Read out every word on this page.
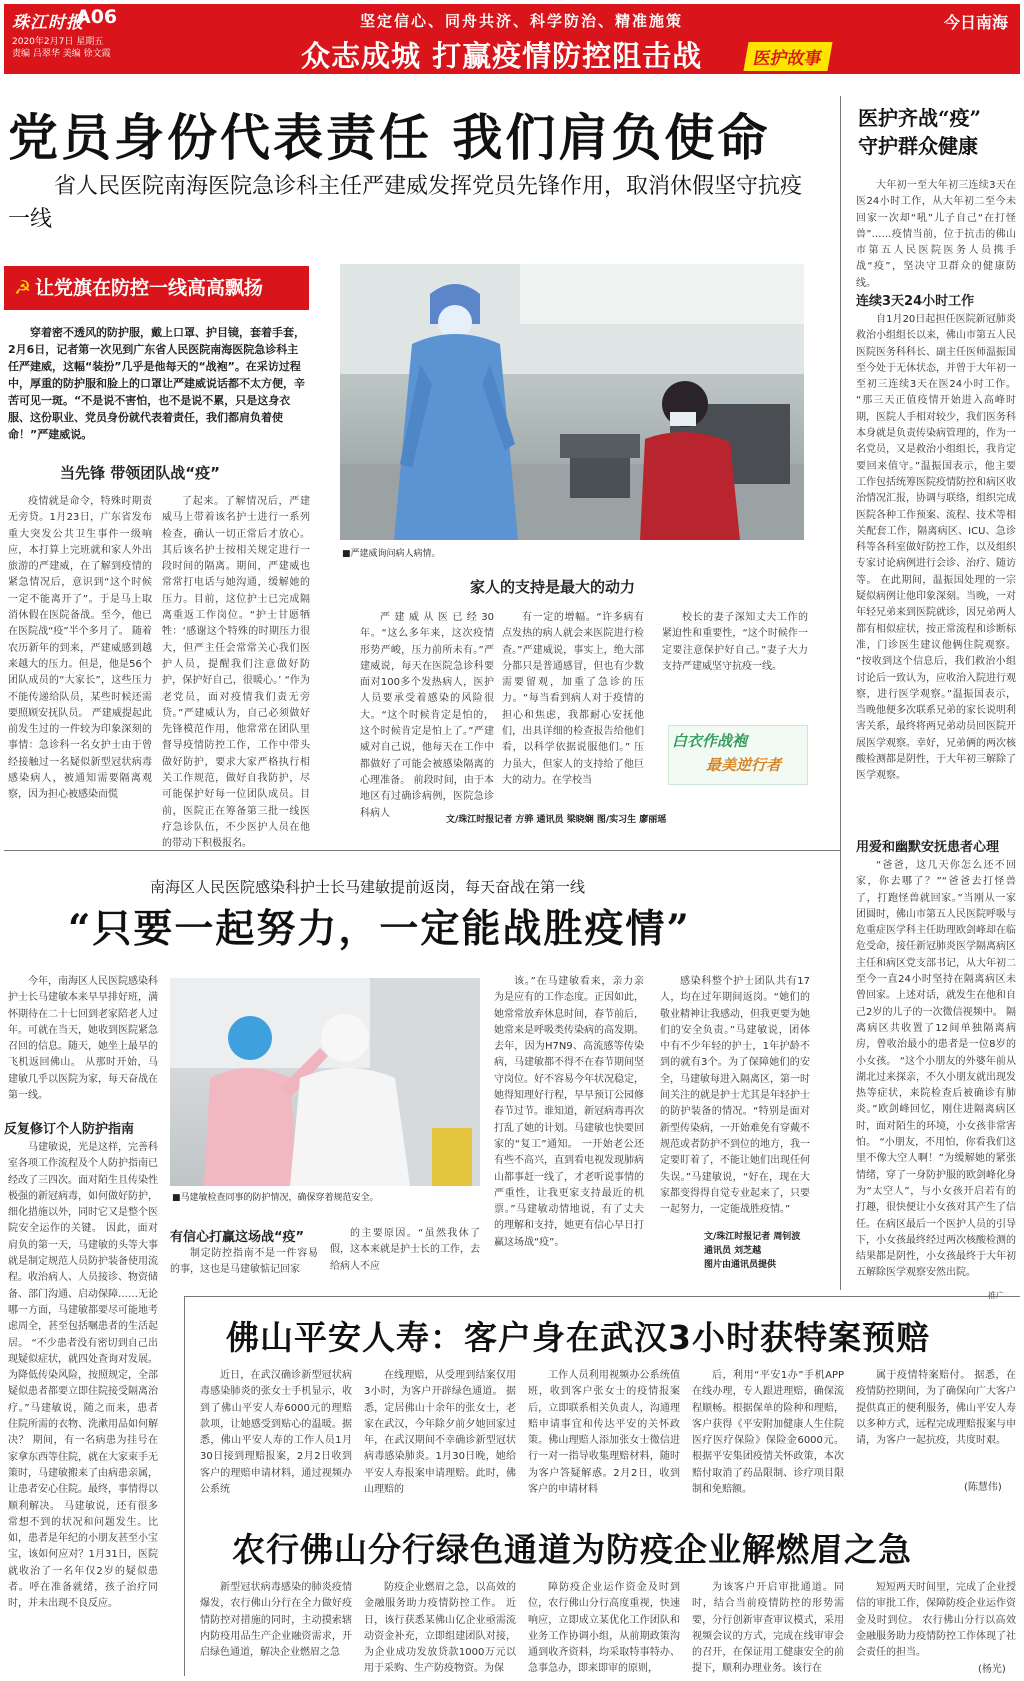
珠江时报
A06
2020年2月7日 星期五
责编 吕翠华 美编 徐文霞
坚定信心、同舟共济、科学防治、精准施策
众志成城 打赢疫情防控阻击战	医护故事
今日南海
党员身份代表责任 我们肩负使命
省人民医院南海医院急诊科主任严建威发挥党员先锋作用，取消休假坚守抗疫一线
☭ 让党旗在防控一线高高飘扬
穿着密不透风的防护服，戴上口罩、护目镜，套着手套，2月6日，记者第一次见到广东省人民医院南海医院急诊科主任严建威，这幅“装扮”几乎是他每天的“战袍”。在采访过程中，厚重的防护服和脸上的口罩让严建威说话都不太方便，辛苦可见一斑。“不是说不害怕，也不是说不累，只是这身衣服、这份职业、党员身份就代表着责任，我们都肩负着使命！”严建威说。
当先锋 带领团队战“疫”
疫情就是命令，特殊时期责无旁贷。1月23日，广东省发布重大突发公共卫生事件一级响应，本打算上完班就和家人外出旅游的严建威，在了解到疫情的紧急情况后，意识到“这个时候一定不能离开了”。于是马上取消休假在医院备战。至今，他已在医院战“疫”半个多月了。 随着农历新年的到来，严建威感到越来越大的压力。但是，他是56个团队成员的“大家长”，这些压力不能传递给队员，某些时候还需要照顾安抚队员。 严建威提起此前发生过的一件较为印象深刻的事情：急诊科一名女护士由于曾经接触过一名疑似新型冠状病毒感染病人，被通知需要隔离观察，因为担心被感染而慌
了起来。了解情况后，严建威马上带着该名护士进行一系列检查，确认一切正常后才放心。 其后该名护士按相关规定进行一段时间的隔离。期间，严建威也常常打电话与她沟通，缓解她的压力。目前，这位护士已完成隔离重返工作岗位。“护士甘愿牺牲：‘感谢这个特殊的时期压力很大，但严主任会常常关心我们医护人员，提醒我们注意做好防护，保护好自己，很暖心。’ “作为老党员，面对疫情我们责无旁贷。”严建威认为，自己必须做好先锋模范作用，他常常在团队里督导疫情防控工作，工作中带头做好防护，要求大家严格执行相关工作规范，做好自我防护，尽可能保护好每一位团队成员。目前，医院正在筹备第三批一线医疗急诊队伍，不少医护人员在他的带动下积极报名。
■严建威询问病人病情。
家人的支持是最大的动力
严建威从医已经30年。“这么多年来，这次疫情形势严峻，压力前所未有。”严建威说，每天在医院急诊科要面对100多个发热病人，医护人员要承受着感染的风险很大。“这个时候肯定是怕的，这个时候肯定是怕上了。”严建威对自己说，他每天在工作中都做好了可能会被感染隔离的心理准备。 前段时间，由于本地区有过确诊病例，医院急诊科病人
有一定的增幅。“许多病有点发热的病人就会来医院进行检查。”严建威说，事实上，绝大部分都只是普通感冒，但也有少数需要留观，加重了急诊的压力。“每当看到病人对于疫情的担心和焦虑，我都耐心安抚他们，出具详细的检查报告给他们看，以科学依据说服他们。” 压力虽大，但家人的支持给了他巨大的动力。在学校当
校长的妻子深知丈夫工作的紧迫性和重要性，“这个时候作一定要注意保护好自己。”妻子大力支持严建威坚守抗疫一线。
白衣作战袍
最美逆行者
文/珠江时报记者 方骅 通讯员 梁晓娴 图/实习生 廖丽瑶
医护齐战“疫”
守护群众健康
大年初一至大年初三连续3天在医24小时工作，从大年初二至今未回家一次却“吼”儿子自己“在打怪兽”……疫情当前，位于抗击的佛山市第五人民医院医务人员携手战“疫”，坚决守卫群众的健康防线。
连续3天24小时工作
自1月20日起担任医院新冠肺炎救治小组组长以来，佛山市第五人民医院医务科科长、副主任医师温振国至今处于无休状态，并曾于大年初一至初三连续3天在医24小时工作。 “那三天正值疫情开始进入高峰时期，医院人手相对较少，我们医务科本身就是负责传染病管理的，作为一名党员，又是救治小组组长，我肯定要回来值守。”温振国表示，他主要工作包括统筹医院疫情防控和病区收治情况汇报，协调与联络，组织完成医院各种工作预案、流程、技术等相关配套工作，隔离病区、ICU、急诊科等各科室做好防控工作，以及组织专家讨论病例进行会诊、治疗、随访等。 在此期间，温振国处理的一宗疑似病例让他印象深刻。当晚，一对年轻兄弟来到医院就诊，因兄弟两人都有相似症状，按正常流程和诊断标准，门诊医生建议他俩住院观察。 “按收到这个信息后，我们救治小组讨论后一致认为，应收治入院进行观察，进行医学观察。”温振国表示，当晚他便多次联系兄弟的家长说明利害关系，最终将两兄弟动员回医院开展医学观察。幸好，兄弟俩的两次核酸检测都是阴性，于大年初三解除了医学观察。
用爱和幽默安抚患者心理
“爸爸，这几天你怎么还不回家，你去哪了？”“爸爸去打怪兽了，打跑怪兽就回家。”当刚从一家团圆时，佛山市第五人民医院呼吸与危重症医学科主任助理欧剑峰却在临危受命，接任新冠肺炎医学隔离病区主任和病区党支部书记，从大年初二至今一直24小时坚持在隔离病区未曾回家。上述对话，就发生在他和自己2岁的儿子的一次微信视频中。 隔离病区共收置了12间单独隔离病房，曾收治最小的患者是一位8岁的小女孩。 “这个小朋友的外婆年前从湖北过来探亲，不久小朋友就出现发热等症状，来院检查后被确诊有肺炎。”欧剑峰回忆，刚住进隔离病区时，面对陌生的环境，小女孩非常害怕。 “小朋友，不用怕，你看我们这里不像大空人啊！”为缓解她的紧张情绪，穿了一身防护服的欧剑峰化身为“太空人”，与小女孩开启若有的打趣，很快便让小女孩对其产生了信任。在病区最后一个医护人员的引导下，小女孩最终经过两次核酸检测的结果都是阴性，小女孩最终于大年初五解除医学观察安然出院。
南海区人民医院感染科护士长马建敏提前返岗，每天奋战在第一线
“只要一起努力，一定能战胜疫情”
今年，南海区人民医院感染科护士长马建敏本来早早排好班，满怀期待在二十七回到老家陪老人过年。可就在当天，她收到医院紧急召回的信息。随天，她坐上最早的飞机返回佛山。 从那时开始，马建敏几乎以医院为家，每天奋战在第一线。
反复修订个人防护指南
马建敏说，光是这样，完善科室各项工作流程及个人防护指南已经改了三四次。面对陌生且传染性极强的新冠病毒，如何做好防护，细化措施以外，同时它又是整个医院安全运作的关键。 因此，面对肩负的第一天，马建敏的头等大事就是制定规范人员防护装备使用流程。收治病人、人员接诊、物资储备、部门沟通、启动保障……无论哪一方面，马建敏都要尽可能地考虑周全，甚至包括嘱患者的生活起居。 “不少患者没有密切到自己出现疑似症状，就四处查询对发展。为降低传染风险，按照规定，全部疑似患者都要立即住院接受隔离治疗。”马建敏说，随之而来，患者住院所需的衣物、洗漱用品如何解决？ 期间，有一名病患为挂号在家拿东西等住院，就在大家束手无策时，马建敏搬来了由病患亲属，让患者安心住院。最终，事情得以顺利解决。 马建敏说，还有很多常想不到的状况和问题发生。比如，患者是年纪的小朋友甚至小宝宝，该如何应对？1月31日，医院就收治了一名年仅2岁的疑似患者。呼在准备就绪，孩子治疗同时，并未出现不良反应。
■马建敏检查同事的防护情况，确保穿着规范安全。
有信心打赢这场战“疫”
制定防控指南不是一件容易的事，这也是马建敏惦记回家
的主要原因。“虽然我休了假，这本来就是护士长的工作，去给病人不应
该。”在马建敏看来，亲力亲为是应有的工作态度。正因如此，她常常放弃休息时间，春节前后，她常来是呼吸类传染病的高发期。去年，因为H7N9、高流感等传染病，马建敏都不得不在春节期间坚守岗位。好不容易今年状况稳定，她得知理好行程，早早预订公园修春节过节。谁知道，新冠病毒再次打乱了她的计划。马建敏也快要回家的“复工”通知。 一开始老公还有些不高兴，直到看电视发现肺病山都事赶一线了，才老听说事情的严重性，让我更家支持最近的机票。”马建敏动情地说，有了丈夫的理解和支持，她更有信心早日打赢这场战“疫”。
感染科整个护士团队共有17人，均在过年期间返岗。“她们的敬业精神让我感动，但我更要为她们的安全负责。”马建敏说，团体中有不少年轻的护士，1年护龄不到的就有3个。为了保障她们的安全，马建敏每进入隔离区，第一时间关注的就是护士尤其是年轻护士的防护装备的情况。“特别是面对新型传染病，一开始难免有穿戴不规范或者防护不到位的地方，我一定要盯着了，不能让她们出现任何失误。”马建敏说，“好在，现在大家都变得得自觉专业起来了，只要一起努力，一定能战胜疫情。”
文/珠江时报记者 周钊波
通讯员 刘芝越
图片由通讯员提供
推广
佛山平安人寿：客户身在武汉3小时获特案预赔
近日，在武汉确诊新型冠状病毒感染肺炎的张女士手机显示，收到了佛山平安人寿6000元的理赔款项，让她感受到贴心的温暖。据悉，佛山平安人寿的工作人员1月30日接到理赔报案，2月2日收到客户的理赔申请材料，通过视频办公系统
在线理赔，从受理到结案仅用3小时，为客户开辟绿色通道。 据悉，定居佛山十余年的张女士，老家在武汉，今年除夕前夕她回家过年，在武汉期间不幸确诊新型冠状病毒感染肺炎。1月30日晚，她给平安人寿报案申请理赔。此时，佛山理赔的
工作人员利用视频办公系统值班，收到客户张女士的疫情报案后，立即联系相关负责人，沟通理赔申请事宜和传达平安的关怀政策。佛山理赔人添加张女士微信进行一对一指导收集理赔材料，随时为客户答疑解惑。2月2日，收到客户的申请材料
后，利用“平安1办”手机APP在线办理，专人跟进理赔，确保流程顺畅。根据保单的险种和理赔，客户获得《平安附加健康人生住院医疗医疗保险》保险金6000元。根据平安集团疫情关怀政策，本次赔付取消了药品限制、诊疗项目限制和免赔额。
属于疫情特案赔付。 据悉，在疫情防控期间，为了确保向广大客户提供真正的便利服务，佛山平安人寿以多种方式，远程完成理赔报案与申请，为客户一起抗疫，共度时艰。
(陈慧伟)
农行佛山分行绿色通道为防疫企业解燃眉之急
新型冠状病毒感染的肺炎疫情爆发，农行佛山分行在全力做好疫情防控对措施的同时，主动摸索辖内防疫用品生产企业融资需求，开启绿色通道，解决企业燃眉之急
防疫企业燃眉之急，以高效的金融服务助力疫情防控工作。 近日，该行获悉某佛山亿企业亟需流动资金补充，立即组建团队对接，为企业成功发放贷款1000万元以用于采购、生产防疫物资。为保
障防疫企业运作资金及时到位，农行佛山分行高度重视，快速响应，立即成立某优化工作团队和业务工作协调小组，从前期政策沟通到收齐资料，均采取特事特办、急事急办，即来即审的原则，
为该客户开启审批通道。同时，结合当前疫情防控的形势需要，分行创新审查审议模式，采用视频会议的方式，完成在线审审会的召开，在保证用工健康安全的前提下，顺利办理业务。该行在
短短两天时间里，完成了企业授信的审批工作，保障防疫企业运作资金及时到位。 农行佛山分行以高效金融服务助力疫情防控工作体现了社会责任的担当。
(杨光)
